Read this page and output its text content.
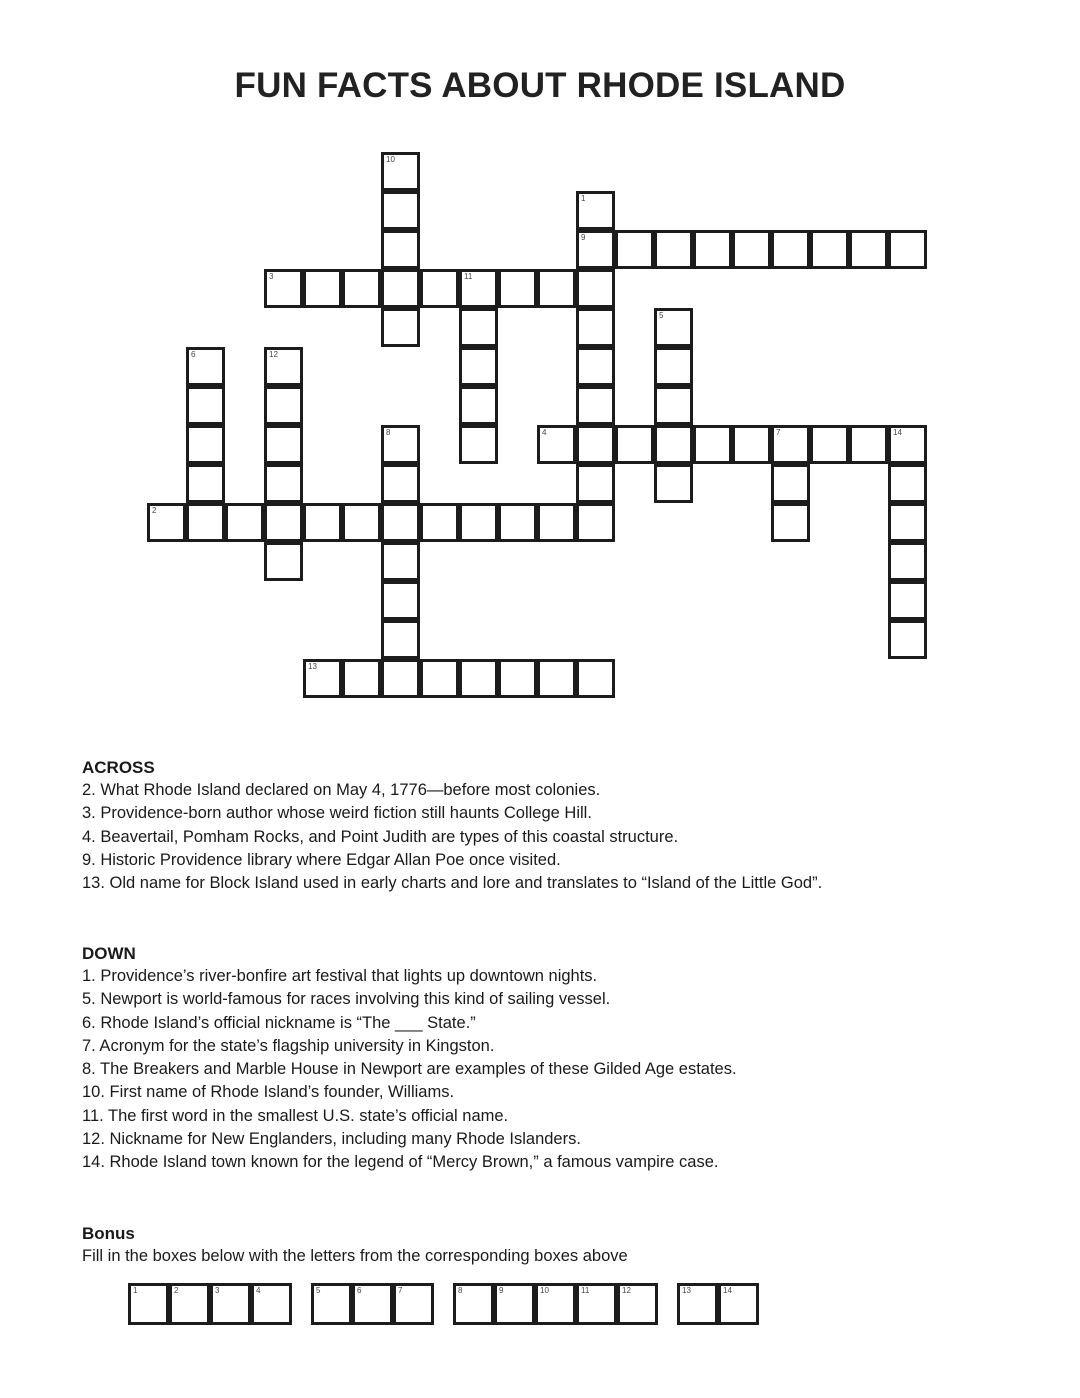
FUN FACTS ABOUT RHODE ISLAND
10
1
9
3	11
5
6	12
8	4	7	14
2
13
ACROSS
2. What Rhode Island declared on May 4, 1776—before most colonies.
3. Providence-born author whose weird fiction still haunts College Hill.
4. Beavertail, Pomham Rocks, and Point Judith are types of this coastal structure.
9. Historic Providence library where Edgar Allan Poe once visited.
13. Old name for Block Island used in early charts and lore and translates to “Island of the Little God”.
DOWN
1. Providence’s river-bonfire art festival that lights up downtown nights.
5. Newport is world-famous for races involving this kind of sailing vessel.
6. Rhode Island’s official nickname is “The ___ State.”
7. Acronym for the state’s flagship university in Kingston.
8. The Breakers and Marble House in Newport are examples of these Gilded Age estates.
10. First name of Rhode Island’s founder, Williams.
11. The first word in the smallest U.S. state’s official name.
12. Nickname for New Englanders, including many Rhode Islanders.
14. Rhode Island town known for the legend of “Mercy Brown,” a famous vampire case.
Bonus
Fill in the boxes below with the letters from the corresponding boxes above
1	2	3	4	5	6	7	8	9	10	11	12	13	14
